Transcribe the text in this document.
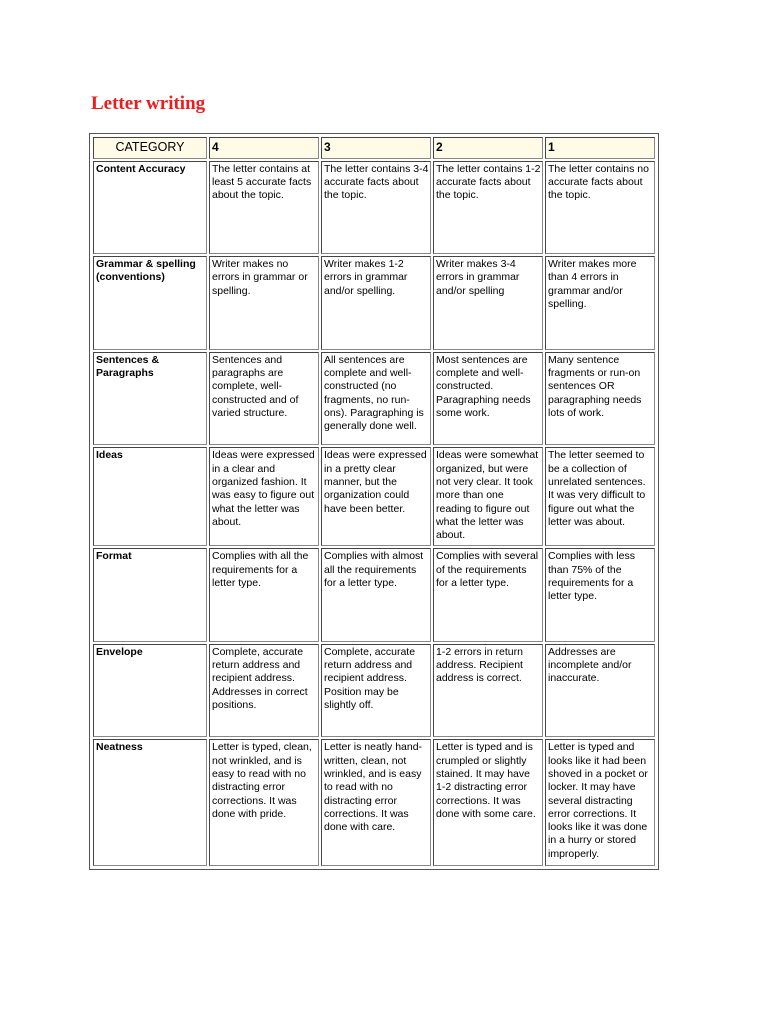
Letter writing
CATEGORY	4	3	2	1
Content Accuracy	The letter contains at least 5 accurate facts about the topic.	The letter contains 3-4 accurate facts about the topic.	The letter contains 1-2 accurate facts about the topic.	The letter contains no accurate facts about the topic.
Grammar & spelling (conventions)	Writer makes no errors in grammar or spelling.	Writer makes 1-2 errors in grammar and/or spelling.	Writer makes 3-4 errors in grammar and/or spelling	Writer makes more than 4 errors in grammar and/or spelling.
Sentences & Paragraphs	Sentences and paragraphs are complete, well-constructed and of varied structure.	All sentences are complete and well-constructed (no fragments, no run-ons). Paragraphing is generally done well.	Most sentences are complete and well-constructed. Paragraphing needs some work.	Many sentence fragments or run-on sentences OR paragraphing needs lots of work.
Ideas	Ideas were expressed in a clear and organized fashion. It was easy to figure out what the letter was about.	Ideas were expressed in a pretty clear manner, but the organization could have been better.	Ideas were somewhat organized, but were not very clear. It took more than one reading to figure out what the letter was about.	The letter seemed to be a collection of unrelated sentences. It was very difficult to figure out what the letter was about.
Format	Complies with all the requirements for a letter type.	Complies with almost all the requirements for a letter type.	Complies with several of the requirements for a letter type.	Complies with less than 75% of the requirements for a letter type.
Envelope	Complete, accurate return address and recipient address. Addresses in correct positions.	Complete, accurate return address and recipient address. Position may be slightly off.	1-2 errors in return address. Recipient address is correct.	Addresses are incomplete and/or inaccurate.
Neatness	Letter is typed, clean, not wrinkled, and is easy to read with no distracting error corrections. It was done with pride.	Letter is neatly hand-written, clean, not wrinkled, and is easy to read with no distracting error corrections. It was done with care.	Letter is typed and is crumpled or slightly stained. It may have 1-2 distracting error corrections. It was done with some care.	Letter is typed and looks like it had been shoved in a pocket or locker. It may have several distracting error corrections. It looks like it was done in a hurry or stored improperly.
